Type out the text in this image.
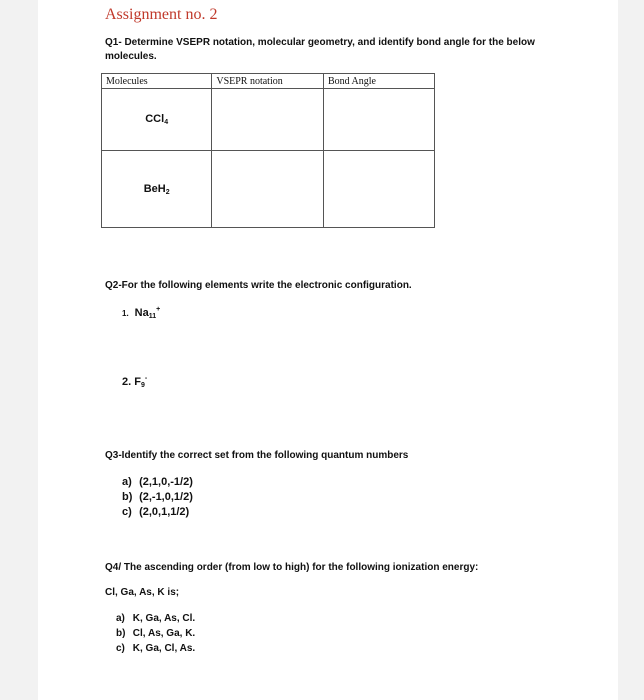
Assignment no. 2
Q1- Determine VSEPR notation, molecular geometry, and identify bond angle for the below molecules.
Molecules	VSEPR notation	Bond Angle
CCl$_4$		
BeH$_2$		
Q2-For the following elements write the electronic configuration.
1. $Na_{11}^+$
2. $F_9^-$
Q3-Identify the correct set from the following quantum numbers
a) (2,1,0,-1/2)
b) (2,-1,0,1/2)
c) (2,0,1,1/2)
Q4/ The ascending order (from low to high) for the following ionization energy:
Cl, Ga, As, K is;
a) K, Ga, As, Cl.
b) Cl, As, Ga, K.
c) K, Ga, Cl, As.
